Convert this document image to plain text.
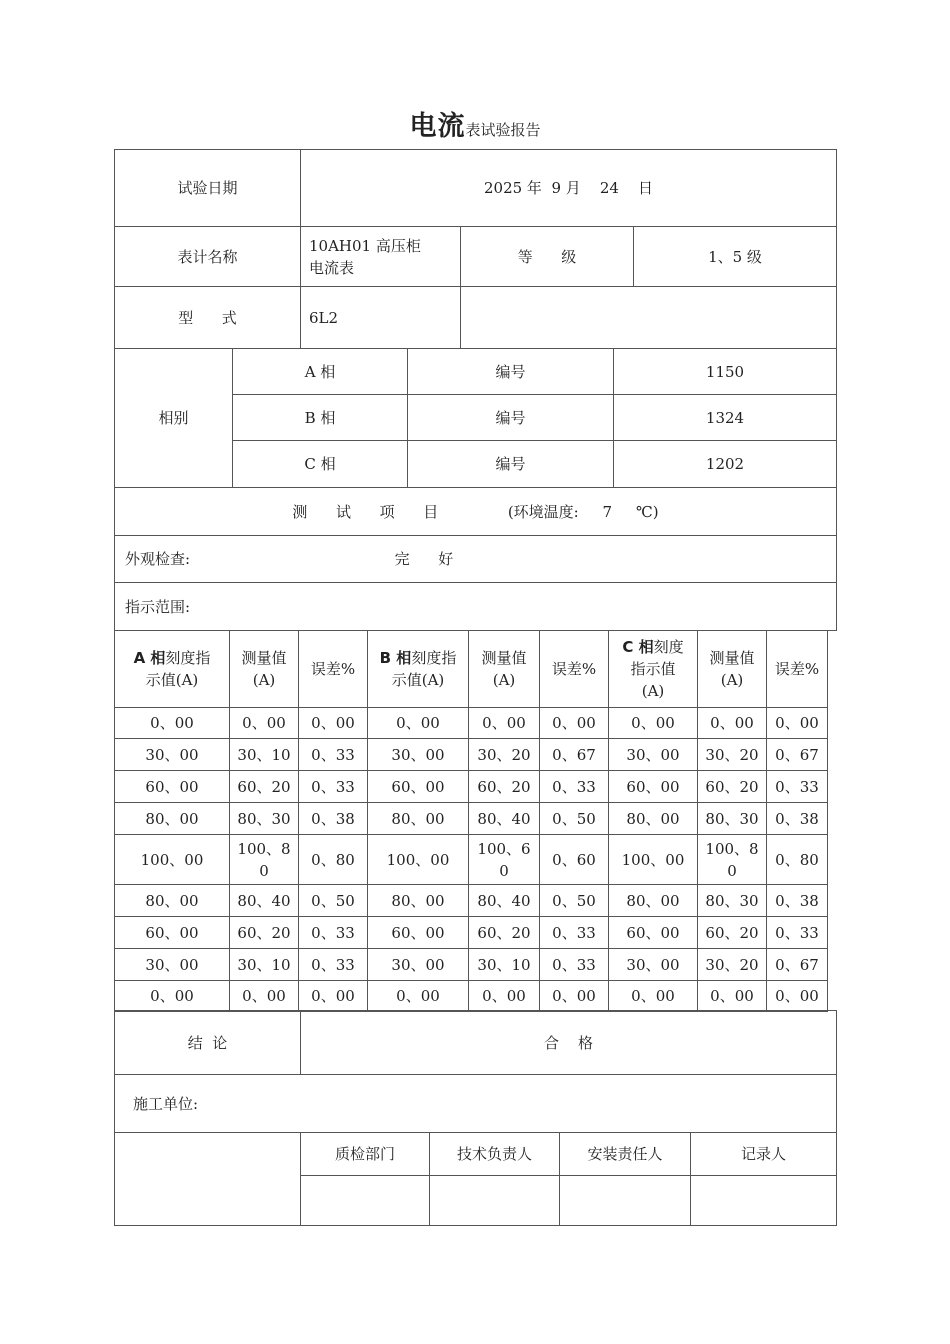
电流表试验报告
试验日期	2025 年  9 月    24    日		
表计名称	10AH01 高压柜电流表	等      级	1、5 级
型      式	6L2		
相别	A 相	编号	1150
	B 相	编号	1324
	C 相	编号	1202
测      试      项      目 (环境温度:     7     ℃)			
外观检查: 完      好			
指示范围:			
A 相刻度指示值(A)	测量值(A)	误差%	B 相刻度指示值(A)	测量值(A)	误差%	C 相刻度指示值(A)	测量值(A)	误差%
0、00	0、00	0、00	0、00	0、00	0、00	0、00	0、00	0、00
30、00	30、10	0、33	30、00	30、20	0、67	30、00	30、20	0、67
60、00	60、20	0、33	60、00	60、20	0、33	60、00	60、20	0、33
80、00	80、30	0、38	80、00	80、40	0、50	80、00	80、30	0、38
100、00	100、80	0、80	100、00	100、60	0、60	100、00	100、80	0、80
80、00	80、40	0、50	80、00	80、40	0、50	80、00	80、30	0、38
60、00	60、20	0、33	60、00	60、20	0、33	60、00	60、20	0、33
30、00	30、10	0、33	30、00	30、10	0、33	30、00	30、20	0、67
0、00	0、00	0、00	0、00	0、00	0、00	0、00	0、00	0、00
结  论	合    格			
施工单位:				
	质检部门	技术负责人	安装责任人	记录人
